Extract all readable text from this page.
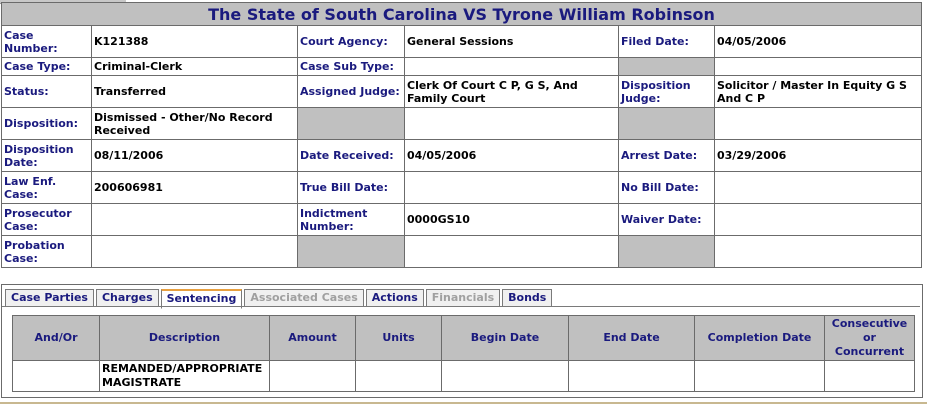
The State of South Carolina VS Tyrone William Robinson					
Case Number:	K121388	Court Agency:	General Sessions	Filed Date:	04/05/2006
Case Type:	Criminal-Clerk	Case Sub Type:			
Status:	Transferred	Assigned Judge:	Clerk Of Court C P, G S, And Family Court	Disposition Judge:	Solicitor / Master In Equity G S And C P
Disposition:	Dismissed - Other/No Record Received				
Disposition Date:	08/11/2006	Date Received:	04/05/2006	Arrest Date:	03/29/2006
Law Enf. Case:	200606981	True Bill Date:		No Bill Date:	
Prosecutor Case:		Indictment Number:	0000GS10	Waiver Date:	
Probation Case:					
Case Parties	Charges	Sentencing	Associated Cases	Actions	Financials	Bonds
And/Or	Description	Amount	Units	Begin Date	End Date	Completion Date	Consecutive or Concurrent
	REMANDED/APPROPRIATE MAGISTRATE						
